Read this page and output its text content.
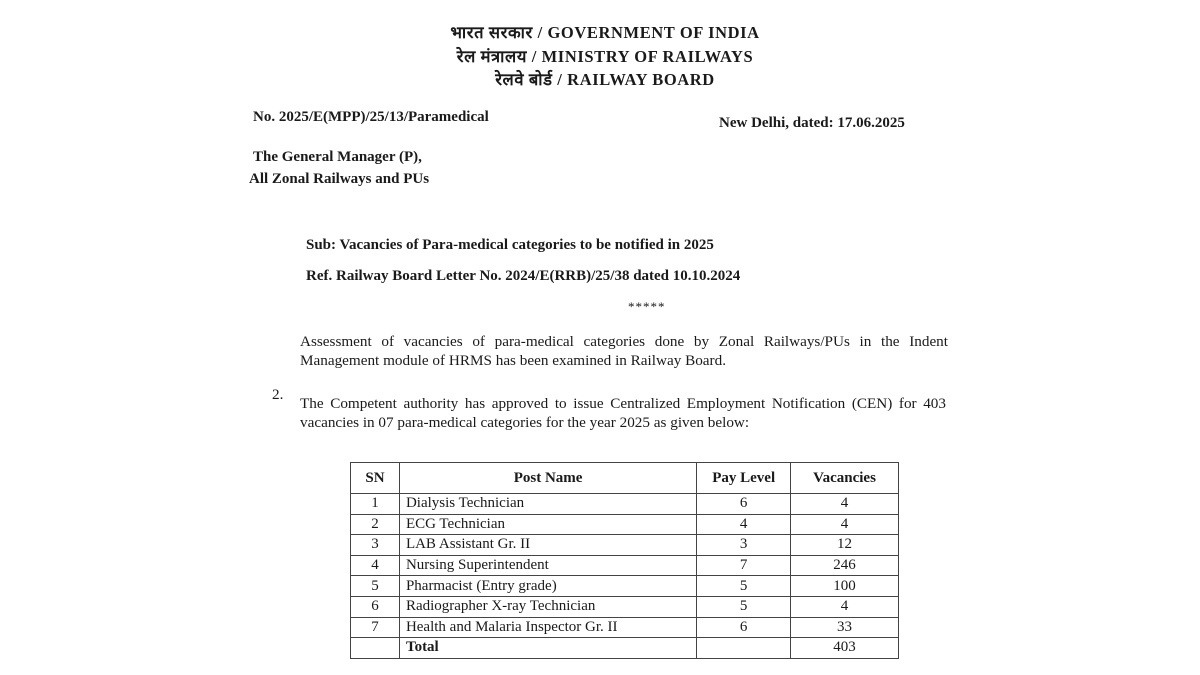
भारत सरकार / GOVERNMENT OF INDIA
रेल मंत्रालय / MINISTRY OF RAILWAYS
रेलवे बोर्ड / RAILWAY BOARD
No. 2025/E(MPP)/25/13/Paramedical	New Delhi, dated: 17.06.2025
The General Manager (P),
All Zonal Railways and PUs
Sub: Vacancies of Para-medical categories to be notified in 2025
Ref. Railway Board Letter No. 2024/E(RRB)/25/38 dated 10.10.2024
*****
Assessment of vacancies of para-medical categories done by Zonal Railways/PUs in the Indent Management module of HRMS has been examined in Railway Board.
2.
The Competent authority has approved to issue Centralized Employment Notification (CEN) for 403 vacancies in 07 para-medical categories for the year 2025 as given below:
SN	Post Name	Pay Level	Vacancies
1	Dialysis Technician	6	4
2	ECG Technician	4	4
3	LAB Assistant Gr. II	3	12
4	Nursing Superintendent	7	246
5	Pharmacist (Entry grade)	5	100
6	Radiographer X-ray Technician	5	4
7	Health and Malaria Inspector Gr. II	6	33
	Total		403
